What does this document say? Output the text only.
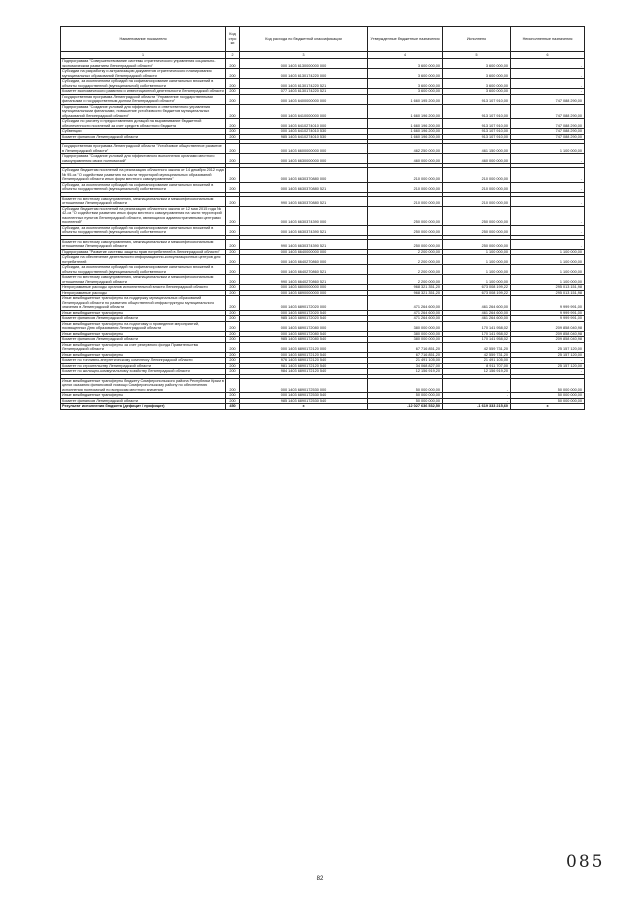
Наименование показателя	Код стро ки	Код расхода по бюджетной классификации	Утвержденные бюджетные назначения	Исполнено	Неисполненные назначения
1	2	3	4	5	6
Подпрограмма "Совершенствование системы стратегического управления социально-экономическим развитием Ленинградской области"	200	000 1403 6130000000 000	3 600 000,00	3 600 000,00	-
Субсидии на разработку и актуализацию документов стратегического планирования муниципальных образований Ленинградской области	200	000 1403 6130174220 000	3 600 000,00	3 600 000,00	-
Субсидии, за исключением субсидий на софинансирование капитальных вложений в объекты государственной (муниципальной) собственности	200	000 1403 6130174220 521	3 600 000,00	3 600 000,00	-
Комитет экономического развития и инвестиционной деятельности Ленинградской области	200	077 1403 6130174220 521	3 600 000,00	3 600 000,00	-
Государственная программа Ленинградской области "Управление государственными финансами и государственным долгом Ленинградской области"	200	000 1403 6400000000 000	1 660 195 200,00	913 107 910,00	747 088 290,00
Подпрограмма "Создание условий для эффективного и ответственного управления муниципальными финансами, повышение устойчивости бюджетов муниципальных образований Ленинградской области"	200	000 1403 6410000000 000	1 660 196 200,00	913 107 910,00	747 088 290,00
Субсидии по расчету и предоставлению дотаций на выравнивание бюджетной обеспеченности поселений за счет средств областного бюджета	200	000 1403 6410274010 000	1 660 196 200,00	913 107 910,00	747 088 290,00
Субвенции	200	000 1403 6410274010 530	1 660 196 200,00	913 107 910,00	747 088 290,00
Комитет финансов Ленинградской области	200	985 1403 6410274010 530	1 660 196 200,00	913 107 910,00	747 088 290,00

Государственная программа Ленинградской области "Устойчивое общественное развитие в Ленинградской области"	200	000 1403 6600000000 000	462 250 000,00	461 150 000,00	1 100 000,00
Подпрограмма "Создание условий для эффективного выполнения органами местного самоуправления своих полномочий"	200	000 1403 6630000000 000	460 000 000,00	460 000 000,00	-

Субсидии бюджетам поселений на реализацию областного закона от 14 декабря 2012 года № 95-оз "О содействии развитию на части территорий муниципальных образований Ленинградской области иных форм местного самоуправления"	200	000 1403 6630370880 000	210 000 000,00	210 000 000,00	-
Субсидии, за исключением субсидий на софинансирование капитальных вложений в объекты государственной (муниципальной) собственности	200	000 1403 6630370880 521	210 000 000,00	210 000 000,00	-

Комитет по местному самоуправлению, межнациональным и межконфессиональным отношениям Ленинградской области	200	990 1403 6630370880 521	210 000 000,00	210 000 000,00	-
Субсидии бюджетам поселений на реализацию областного закона от 12 мая 2015 года № 42-оз "О содействии развитию иных форм местного самоуправления на части территорий населенных пунктов Ленинградской области, являющихся административными центрами поселений"	200	000 1403 6630374390 000	250 000 000,00	250 000 000,00	-
Субсидии, за исключением субсидий на софинансирование капитальных вложений в объекты государственной (муниципальной) собственности	200	000 1403 6630374390 521	250 000 000,00	250 000 000,00	-

Комитет по местному самоуправлению, межнациональным и межконфессиональным отношениям Ленинградской области	200	990 1403 6630374390 521	250 000 000,00	250 000 000,00	-
Подпрограмма "Развитие системы защиты прав потребителей в Ленинградской области"	200	000 1403 6640000000 000	2 200 000,00	1 100 000,00	1 100 000,00
Субсидии на обеспечение деятельности информационно-консультационных центров для потребителей	200	000 1403 6640270860 000	2 200 000,00	1 100 000,00	1 100 000,00
Субсидии, за исключением субсидий на софинансирование капитальных вложений в объекты государственной (муниципальной) собственности	200	000 1403 6640270860 521	2 200 000,00	1 100 000,00	1 100 000,00
Комитет по местному самоуправлению, межнациональным и межконфессиональным отношениям Ленинградской области	200	990 1403 6640270860 521	2 200 000,00	1 100 000,00	1 100 000,00
Непрограммные расходы органов исполнительной власти Ленинградской области	200	000 1403 6800000000 000	968 321 351,20	673 008 199,22	295 013 151,98
Непрограммные расходы	200	000 1403 6890000000 000	968 321 351,20	673 008 199,22	295 013 151,98
Иные межбюджетные трансферты на поддержку муниципальных образований Ленинградской области по развитию общественной инфраструктуры муниципального значения в Ленинградской области	200	000 1403 6890172020 000	471 264 600,00	461 264 600,00	9 999 991,00
Иные межбюджетные трансферты	200	000 1403 6890172020 540	471 264 600,00	461 264 600,00	9 999 991,00
Комитет финансов Ленинградской области	200	985 1403 6890172020 540	471 264 600,00	461 264 600,00	9 999 991,00
Иные межбюджетные трансферты на подготовку и проведение мероприятий, посвященных Дню образования Ленинградской области	200	000 1403 6890172080 000	380 000 000,00	170 141 958,02	209 858 040,98
Иные межбюджетные трансферты	200	000 1403 6890172080 540	380 000 000,00	170 141 958,02	209 858 040,98
Комитет финансов Ленинградской области	200	985 1403 6890172080 540	380 000 000,00	170 141 958,02	209 858 040,98
Иные межбюджетные трансферты за счет резервного фонда Правительства Ленинградской области	200	000 1403 6890172120 000	67 716 851,20	42 559 731,20	25 157 120,00
Иные межбюджетные трансферты	200	000 1403 6890172120 540	67 716 851,20	42 559 731,20	25 157 120,00
Комитет по топливно-энергетическому комплексу Ленинградской области	200	976 1403 6890172120 540	21 491 105,00	21 491 105,00	-
Комитет по строительству Ленинградской области	200	981 1403 6890172120 540	34 068 827,00	8 911 707,00	25 157 120,00
Комитет по жилищно-коммунальному хозяйству Ленинградской области	200	984 1403 6890172120 540	12 156 919,20	12 156 919,20	-

Иные межбюджетные трансферты бюджету Симферопольского района Республики Крым в целях оказания финансовой помощи Симферопольскому району по обеспечению исполнения полномочий по вопросам местного значения	200	000 1403 6890172530 000	50 000 000,00	-	50 000 000,00
Иные межбюджетные трансферты	200	000 1403 6890172530 540	50 000 000,00	-	50 000 000,00
Комитет финансов Ленинградской области	200	985 1403 6890172530 540	50 000 000,00	-	50 000 000,00
Результат исполнения бюджета (дефицит / профицит)	450	x	-12 027 636 532,50	-1 619 333 215,60	x
085
82
